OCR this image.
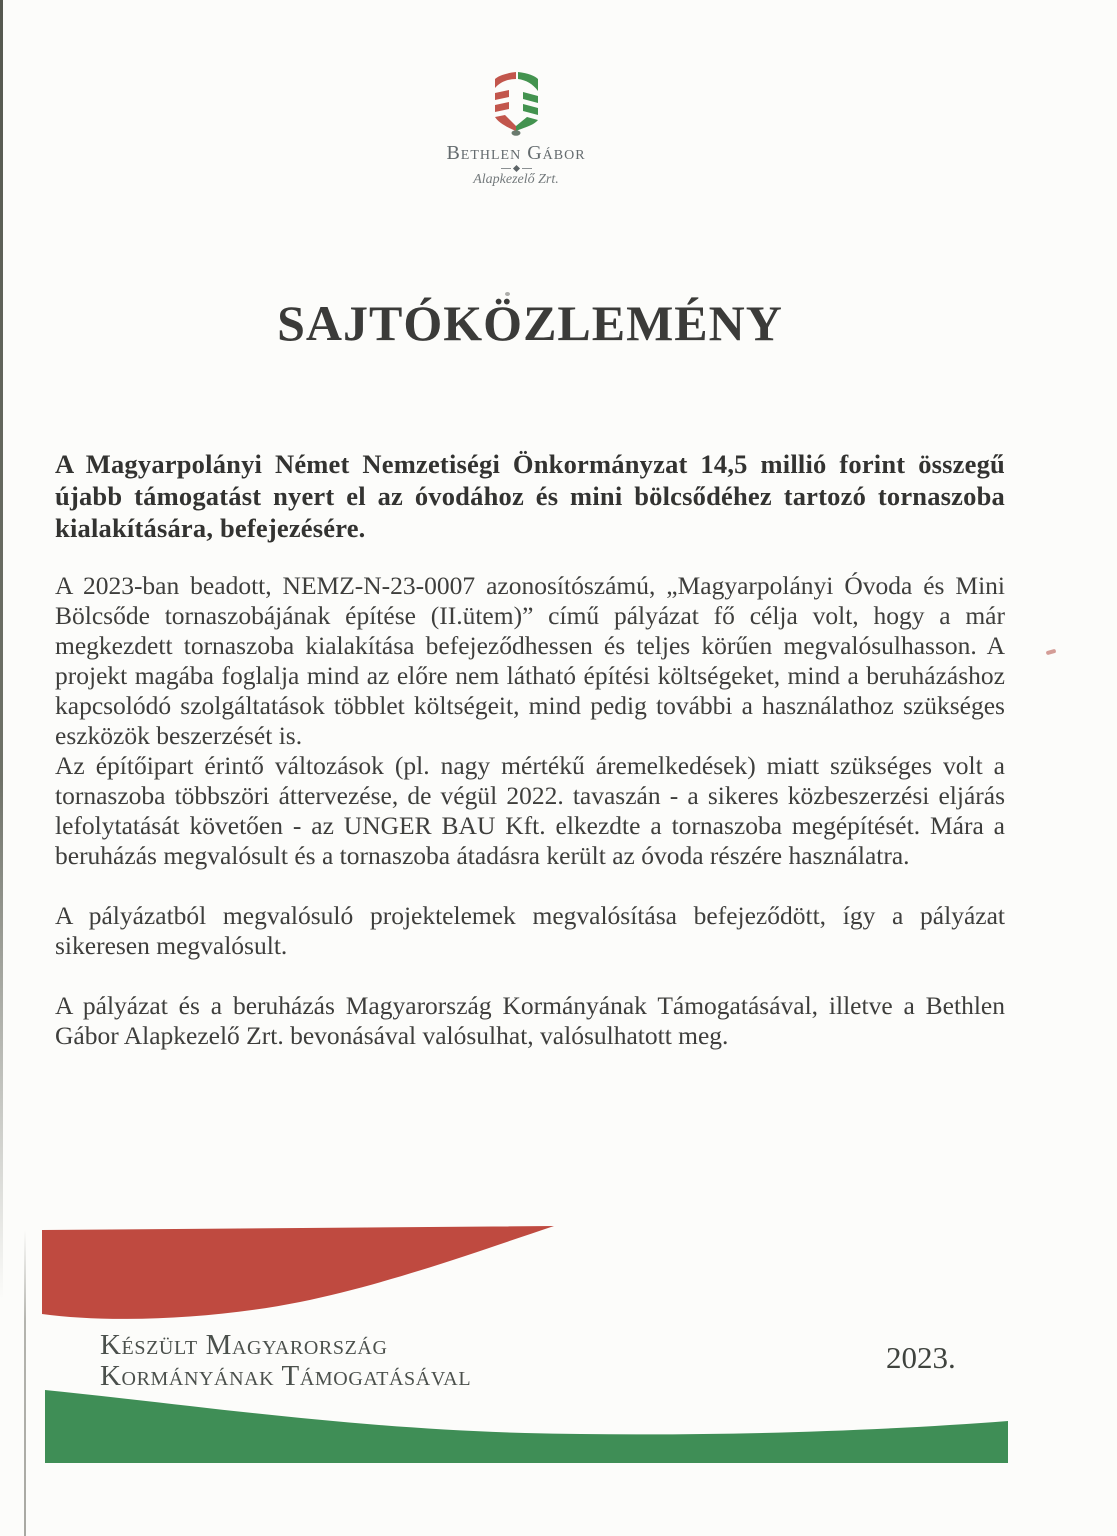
Bethlen Gábor
Alapkezelő Zrt.
SAJTÓKÖZLEMÉNY

A Magyarpolányi Német Nemzetiségi Önkormányzat 14,5 millió forint összegű újabb támogatást nyert el az óvodához és mini bölcsődéhez tartozó tornaszoba kialakítására, befejezésére.

A 2023-ban beadott, NEMZ-N-23-0007 azonosítószámú, „Magyarpolányi Óvoda és Mini Bölcsőde tornaszobájának építése (II.ütem)” című pályázat fő célja volt, hogy a már megkezdett tornaszoba kialakítása befejeződhessen és teljes körűen megvalósulhasson. A projekt magába foglalja mind az előre nem látható építési költségeket, mind a beruházáshoz kapcsolódó szolgáltatások többlet költségeit, mind pedig további a használathoz szükséges eszközök beszerzését is.

Az építőipart érintő változások (pl. nagy mértékű áremelkedések) miatt szükséges volt a tornaszoba többszöri áttervezése, de végül 2022. tavaszán - a sikeres közbeszerzési eljárás lefolytatását követően - az UNGER BAU Kft. elkezdte a tornaszoba megépítését. Mára a beruházás megvalósult és a tornaszoba átadásra került az óvoda részére használatra.

A pályázatból megvalósuló projektelemek megvalósítása befejeződött, így a pályázat sikeresen megvalósult.

A pályázat és a beruházás Magyarország Kormányának Támogatásával, illetve a Bethlen Gábor Alapkezelő Zrt. bevonásával valósulhat, valósulhatott meg.

Készült Magyarország
Kormányának Támogatásával
2023.
